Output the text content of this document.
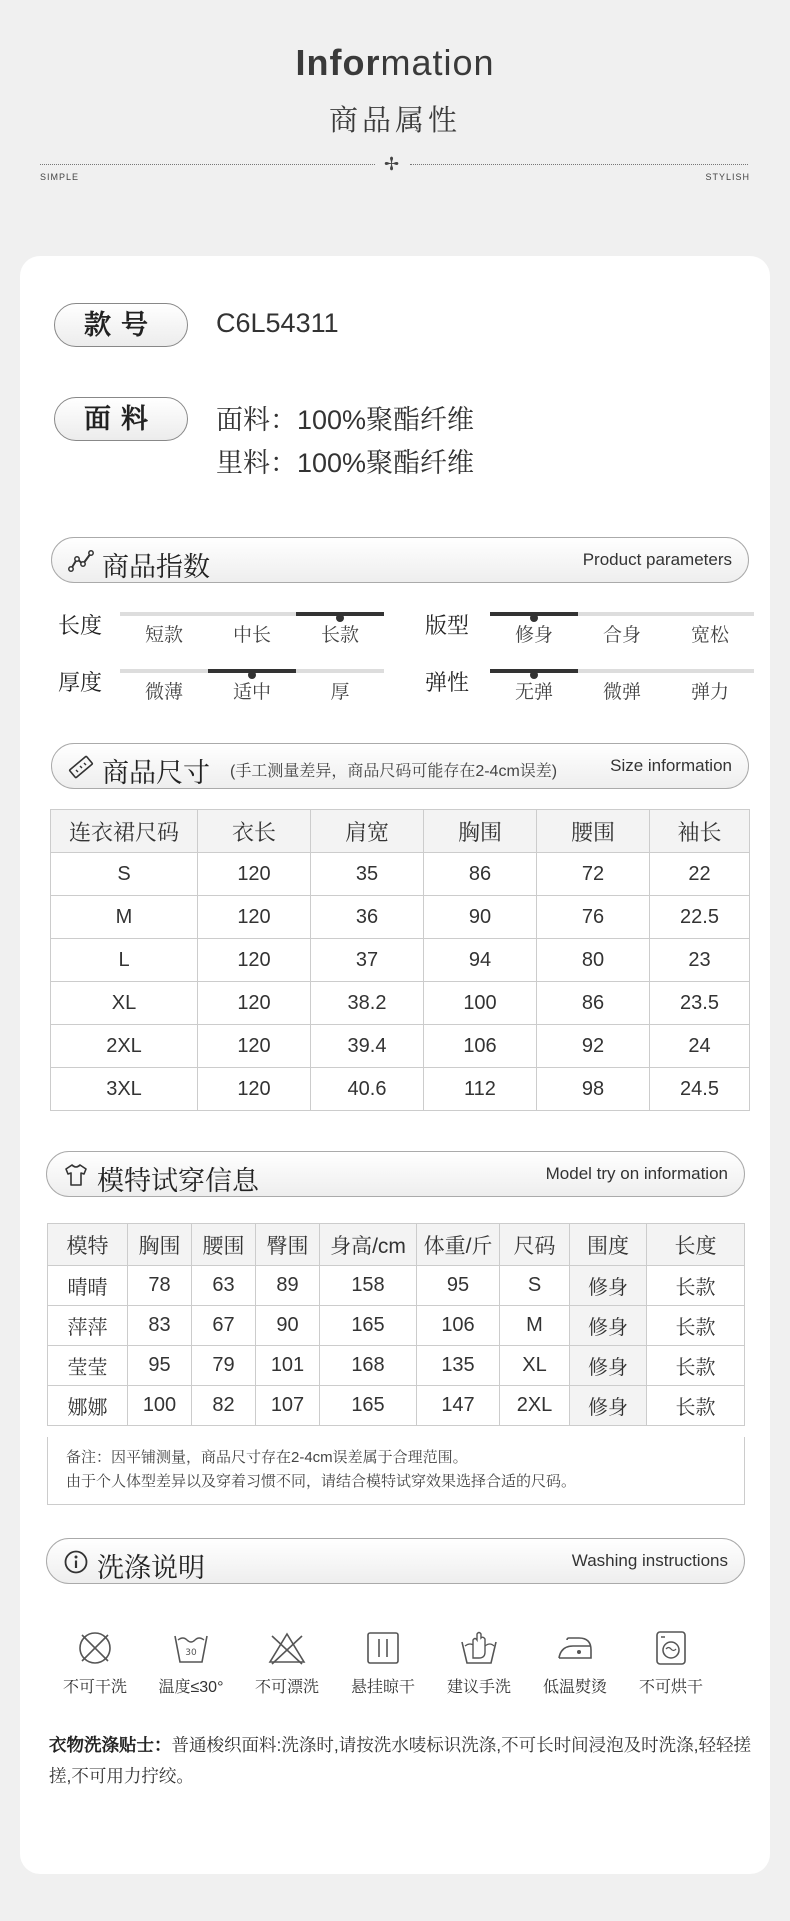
Information
商品属性
✢
SIMPLE	STYLISH
款号	C6L54311
面料	面料：100%聚酯纤维
里料：100%聚酯纤维
商品指数	Product parameters
长度	短款	中长	长款	版型	修身	合身	宽松
厚度	微薄	适中	厚	弹性	无弹	微弹	弹力
商品尺寸 (手工测量差异，商品尺码可能存在2-4cm误差)	Size information
连衣裙尺码	衣长	肩宽	胸围	腰围	袖长
S	120	35	86	72	22
M	120	36	90	76	22.5
L	120	37	94	80	23
XL	120	38.2	100	86	23.5
2XL	120	39.4	106	92	24
3XL	120	40.6	112	98	24.5
模特试穿信息	Model try on information
模特	胸围	腰围	臀围	身高/cm	体重/斤	尺码	围度	长度
晴晴	78	63	89	158	95	S	修身	长款
萍萍	83	67	90	165	106	M	修身	长款
莹莹	95	79	101	168	135	XL	修身	长款
娜娜	100	82	107	165	147	2XL	修身	长款
备注：因平铺测量，商品尺寸存在2-4cm误差属于合理范围。
由于个人体型差异以及穿着习惯不同，请结合模特试穿效果选择合适的尺码。
洗涤说明	Washing instructions
不可干洗
30
温度≤30°	不可漂洗	悬挂晾干	建议手洗	低温熨烫	不可烘干
衣物洗涤贴士：普通梭织面料:洗涤时,请按洗水唛标识洗涤,不可长时间浸泡及时洗涤,轻轻搓搓,不可用力拧绞。
